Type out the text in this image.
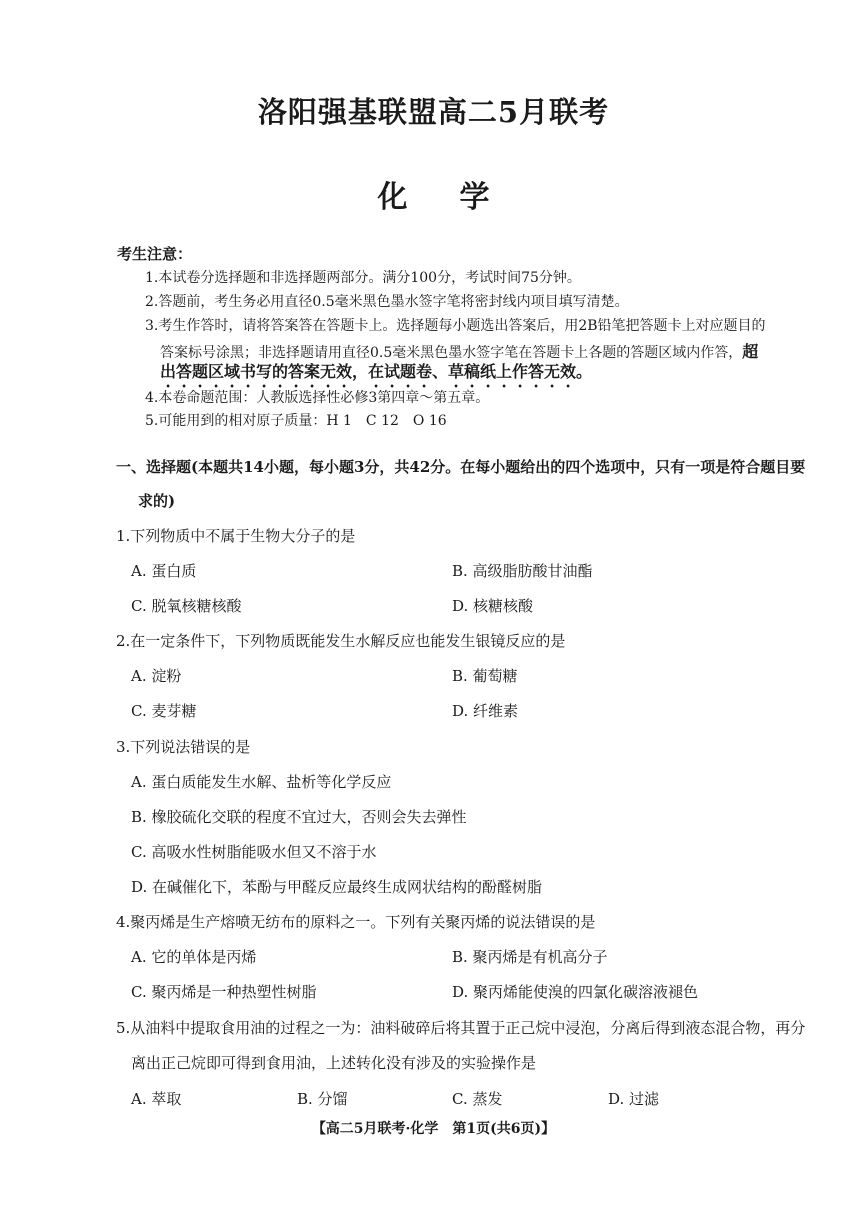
洛阳强基联盟高二5月联考
化学
考生注意：
1.本试卷分选择题和非选择题两部分。满分100分，考试时间75分钟。
2.答题前，考生务必用直径0.5毫米黑色墨水签字笔将密封线内项目填写清楚。
3.考生作答时，请将答案答在答题卡上。选择题每小题选出答案后，用2B铅笔把答题卡上对应题目的
答案标号涂黑；非选择题请用直径0.5毫米黑色墨水签字笔在答题卡上各题的答题区域内作答，超
出答题区域书写的答案无效，在试题卷、草稿纸上作答无效。
4.本卷命题范围：人教版选择性必修3第四章～第五章。
5.可能用到的相对原子质量：H 1　C 12　O 16
一、选择题(本题共14小题，每小题3分，共42分。在每小题给出的四个选项中，只有一项是符合题目要
求的)
1.下列物质中不属于生物大分子的是
A. 蛋白质	B. 高级脂肪酸甘油酯
C. 脱氧核糖核酸	D. 核糖核酸
2.在一定条件下，下列物质既能发生水解反应也能发生银镜反应的是
A. 淀粉	B. 葡萄糖
C. 麦芽糖	D. 纤维素
3.下列说法错误的是
A. 蛋白质能发生水解、盐析等化学反应
B. 橡胶硫化交联的程度不宜过大，否则会失去弹性
C. 高吸水性树脂能吸水但又不溶于水
D. 在碱催化下，苯酚与甲醛反应最终生成网状结构的酚醛树脂
4.聚丙烯是生产熔喷无纺布的原料之一。下列有关聚丙烯的说法错误的是
A. 它的单体是丙烯	B. 聚丙烯是有机高分子
C. 聚丙烯是一种热塑性树脂	D. 聚丙烯能使溴的四氯化碳溶液褪色
5.从油料中提取食用油的过程之一为：油料破碎后将其置于正己烷中浸泡，分离后得到液态混合物，再分
离出正己烷即可得到食用油，上述转化没有涉及的实验操作是
A. 萃取	B. 分馏	C. 蒸发	D. 过滤
【高二5月联考·化学　第1页(共6页)】
